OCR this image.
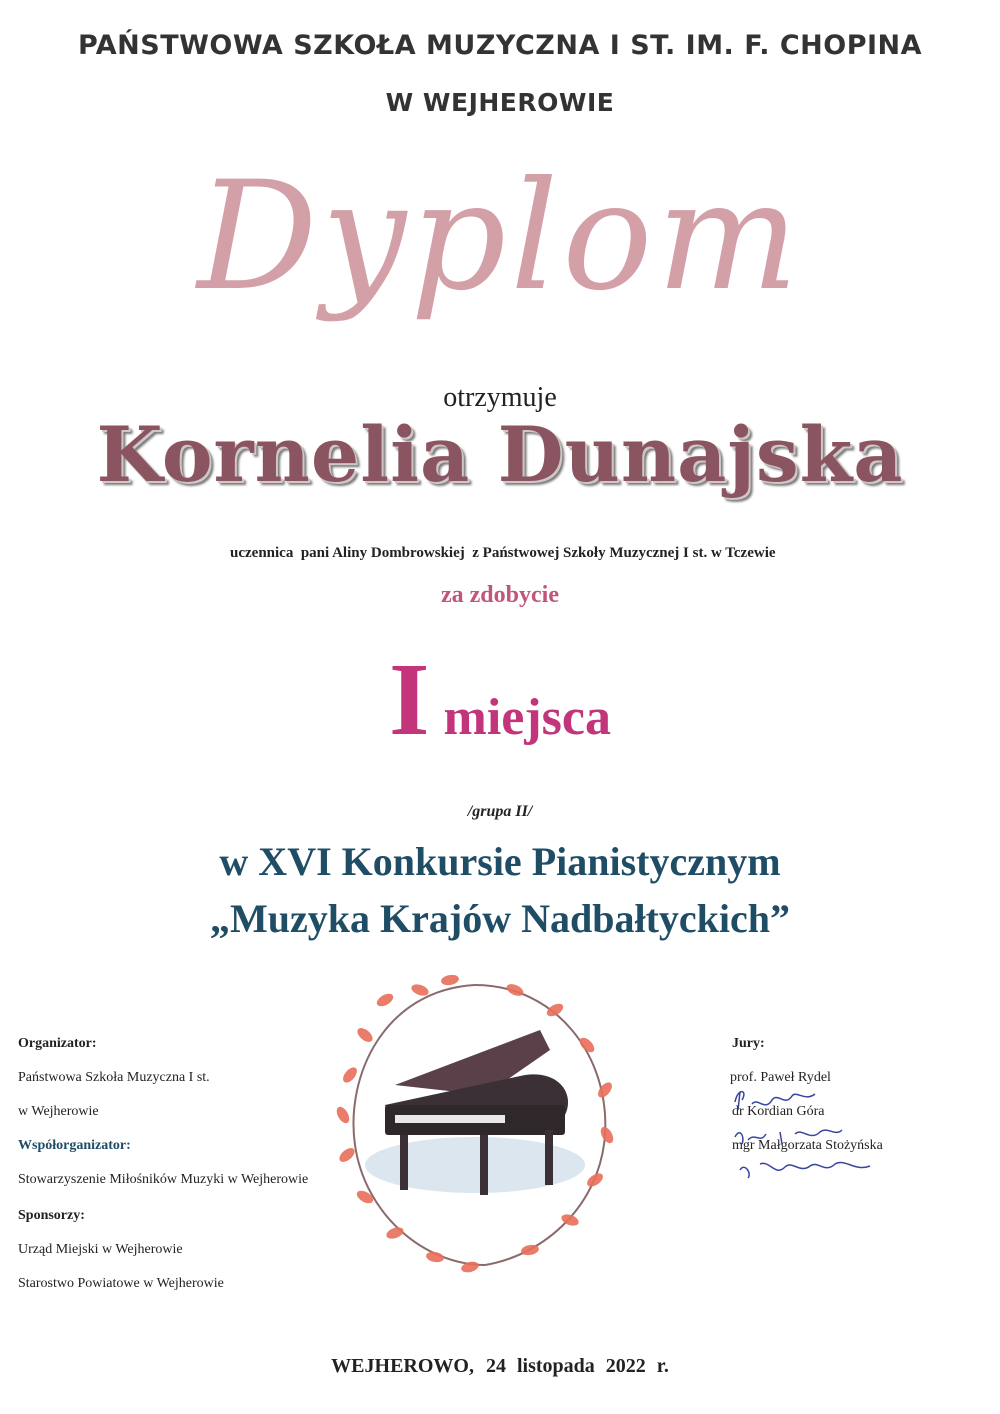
PAŃSTWOWA SZKOŁA MUZYCZNA I ST. IM. F. CHOPINA
W WEJHEROWIE
Dyplom
otrzymuje
Kornelia Dunajska
uczennica  pani Aliny Dombrowskiej  z Państwowej Szkoły Muzycznej I st. w Tczewie
za zdobycie
Imiejsca
/grupa II/
w XVI Konkursie Pianistycznym
„Muzyka Krajów Nadbałtyckich”
Organizator:
Państwowa Szkoła Muzyczna I st.
w Wejherowie
Współorganizator:
Stowarzyszenie Miłośników Muzyki w Wejherowie
Sponsorzy:
Urząd Miejski w Wejherowie
Starostwo Powiatowe w Wejherowie
Jury:
prof. Paweł Rydel
dr Kordian Góra
mgr Małgorzata Stożyńska
WEJHEROWO, 24 listopada 2022 r.
